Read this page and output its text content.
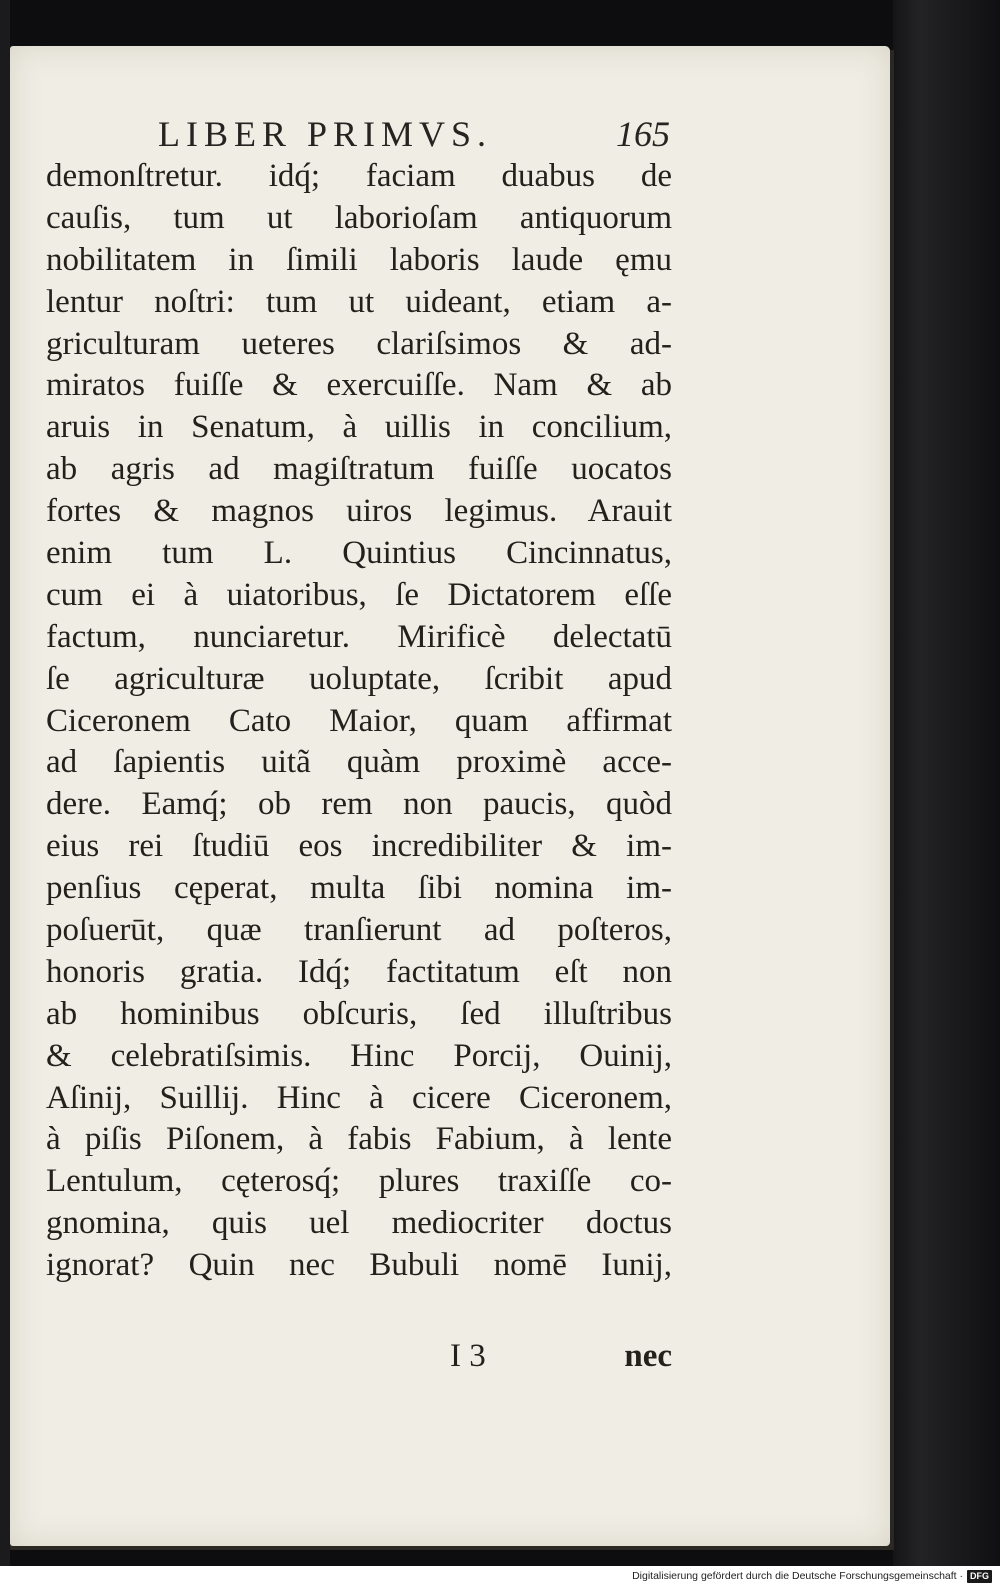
LIBER PRIMVS.	165
demonſtretur. idq́; faciam duabus de
cauſis, tum ut laborioſam antiquorum
nobilitatem in ſimili laboris laude ęmu
lentur noſtri: tum ut uideant, etiam a-
griculturam ueteres clariſsimos & ad-
miratos fuiſſe & exercuiſſe. Nam & ab
aruis in Senatum, à uillis in concilium,
ab agris ad magiſtratum fuiſſe uocatos
fortes & magnos uiros legimus. Arauit
enim tum L. Quintius Cincinnatus,
cum ei à uiatoribus, ſe Dictatorem eſſe
factum, nunciaretur. Mirificè delectatū
ſe agriculturæ uoluptate, ſcribit apud
Ciceronem Cato Maior, quam affirmat
ad ſapientis uitã quàm proximè acce-
dere. Eamq́; ob rem non paucis, quòd
eius rei ſtudiū eos incredibiliter & im-
penſius cęperat, multa ſibi nomina im-
poſuerūt, quæ tranſierunt ad poſteros,
honoris gratia. Idq́; factitatum eſt non
ab hominibus obſcuris, ſed illuſtribus
& celebratiſsimis. Hinc Porcij, Ouinij,
Aſinij, Suillij. Hinc à cicere Ciceronem,
à piſis Piſonem, à fabis Fabium, à lente
Lentulum, cęterosq́; plures traxiſſe co-
gnomina, quis uel mediocriter doctus
ignorat? Quin nec Bubuli nomē Iunij,
I 3	nec
Digitalisierung gefördert durch die Deutsche Forschungsgemeinschaft · DFG
